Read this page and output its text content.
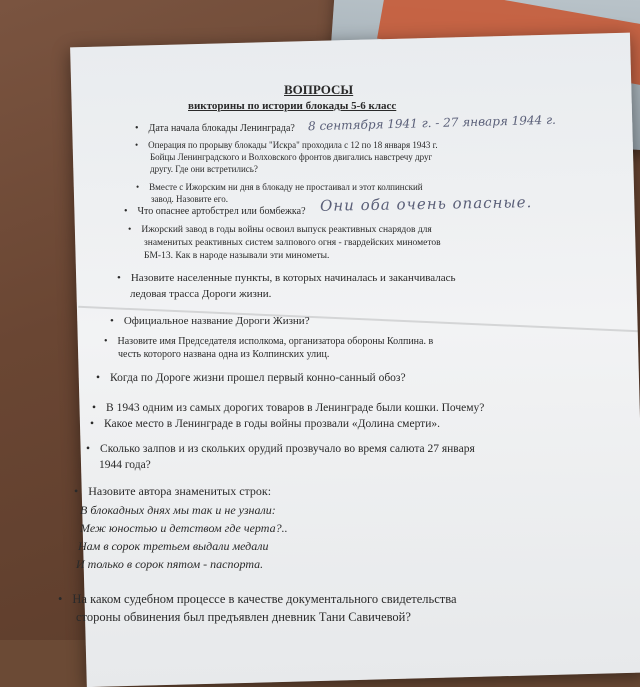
ВОПРОСЫ
викторины по истории блокады 5-6 класс
• Дата начала блокады Ленинграда? 8 сентября 1941 г. - 27 января 1944 г.
• Операция по прорыву блокады "Искра" проходила с 12 по 18 января 1943 г.
Бойцы Ленинградского и Волховского фронтов двигались навстречу друг
другу. Где они встретились?
• Вместе с Ижорским ни дня в блокаду не простаивал и этот колпинский
завод. Назовите его.
• Что опаснее артобстрел или бомбежка? Они оба очень опасные.
• Ижорский завод в годы войны освоил выпуск реактивных снарядов для
знаменитых реактивных систем залпового огня - гвардейских минометов
БМ-13. Как в народе называли эти минометы.
• Назовите населенные пункты, в которых начиналась и заканчивалась
ледовая трасса Дороги жизни.
• Официальное название Дороги Жизни?
• Назовите имя Председателя исполкома, организатора обороны Колпина. в
честь которого названа одна из Колпинских улиц.
• Когда по Дороге жизни прошел первый конно-санный обоз?
• В 1943 одним из самых дорогих товаров в Ленинграде были кошки. Почему?
• Какое место в Ленинграде в годы войны прозвали «Долина смерти».
• Сколько залпов и из скольких орудий прозвучало во время салюта 27 января
1944 года?
• Назовите автора знаменитых строк:
В блокадных днях мы так и не узнали:
Меж юностью и детством где черта?..
Нам в сорок третьем выдали медали
И только в сорок пятом - паспорта.
• На каком судебном процессе в качестве документального свидетельства
стороны обвинения был предъявлен дневник Тани Савичевой?
